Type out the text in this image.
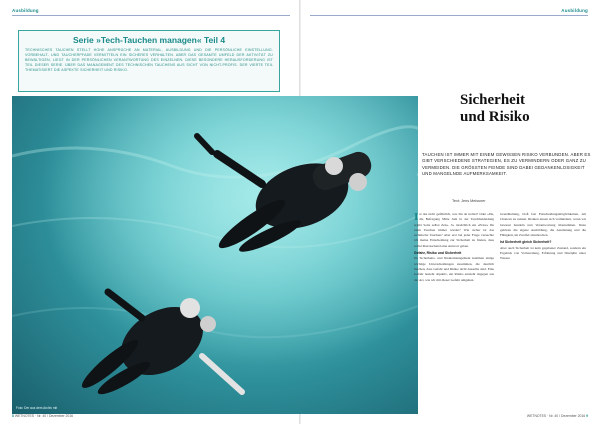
Ausbildung	Ausbildung
Serie »Tech-Tauchen managen« Teil 4
TECHNISCHES TAUCHEN STELLT HOHE ANSPRÜCHE AN MATERIAL, AUSBILDUNG UND DIE PERSÖNLICHE EINSTELLUNG. VORBEHALT- UND TAUCHERPFADE VERMITTELN EIN SICHERES VERHALTEN. ABER DAS GESAMTE UMFELD DER AKTIVITÄT ZU BEWÄLTIGEN, LIEGT IN DER PERSÖNLICHEN VERANTWORTUNG DES EINZELNEN. DIESE BESONDERE HERAUSFORDERUNG IST TEIL DIESER SERIE. ÜBER DAS MANAGEMENT DES TECHNISCHEN TAUCHENS AUS SICHT VON NICHT-PROFIS. DER VIERTE TEIL THEMATISIERT DIE ASPEKTE SICHERHEIT UND RISIKO.
Foto: Der aus dem Archiv mit
Sicherheit
und Risiko
TAUCHEN IST IMMER MIT EINEM GEWISSEN RISIKO VERBUNDEN. ABER ES GIBT VERSCHIEDENE STRATEGIEN, ES ZU VERMINDERN ODER GANZ ZU VERMEIDEN. DIE GRÖSSTEN FEINDE SIND DABEI GEDANKENLOSIGKEIT UND MANGELNDE AUFMERKSAMKEIT.
Text: Jens Meissner
I st das nicht gefährlich, was Du da treibst? Oder »Du, die Befragung Mitte Juni in der Tauchbekleidung ergibt Seite selbst Zeit«. Ja, tatsächlich ein »Ernst« Du beim Tauchen immer wieder? Wie sicher ist das technische Tauchen? Aber erst bei jeder Frage versuchte ich meine Entscheidung zur Sicherheit zu finden, dass selbst überraschend eine Antwort geben.
Gefahr, Risiko und Sicherheit
Im Sicherheits- und Risikomanagement kommen einige wichtige Unterscheidungen zusammen, die deutlich machen, dass Gefahr und Risiko nicht dasselbe sind. Eine Gefahr besteht objektiv, ein Risiko entsteht dagegen aus der Art, wie wir mit dieser Gefahr umgehen.
Grundhaltung, bloß fast Entscheidungsmöglichkeiten, um Chancen zu nutzen. Risiken lassen sich vermindern, wenn wir bewusst handeln und Verantwortung übernehmen. Dazu gehören die eigene Ausbildung, die Ausrüstung und die Fähigkeit, im Zweifel abzubrechen.
Ist Sicherheit gleich Sicherheit?
Aber auch Sicherheit ist kein gegebener Zustand, sondern ein Ergebnis von Vorbereitung, Erfahrung und Disziplin unter Wasser.
8 WETNOTES · Nr. 40 / Dezember 2016	WETNOTES · Nr. 40 / Dezember 2016 9
